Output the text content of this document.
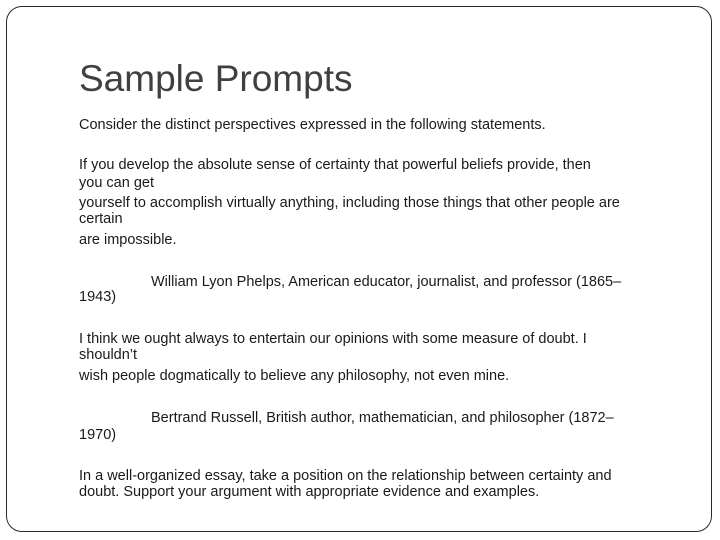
Sample Prompts
Consider the distinct perspectives expressed in the following statements.
If you develop the absolute sense of certainty that powerful beliefs provide, then
you can get
yourself to accomplish virtually anything, including those things that other people are
certain
are impossible.
William Lyon Phelps, American educator, journalist, and professor (1865–
1943)
I think we ought always to entertain our opinions with some measure of doubt. I
shouldn’t
wish people dogmatically to believe any philosophy, not even mine.
Bertrand Russell, British author, mathematician, and philosopher (1872–
1970)
In a well-organized essay, take a position on the relationship between certainty and
doubt. Support your argument with appropriate evidence and examples.
